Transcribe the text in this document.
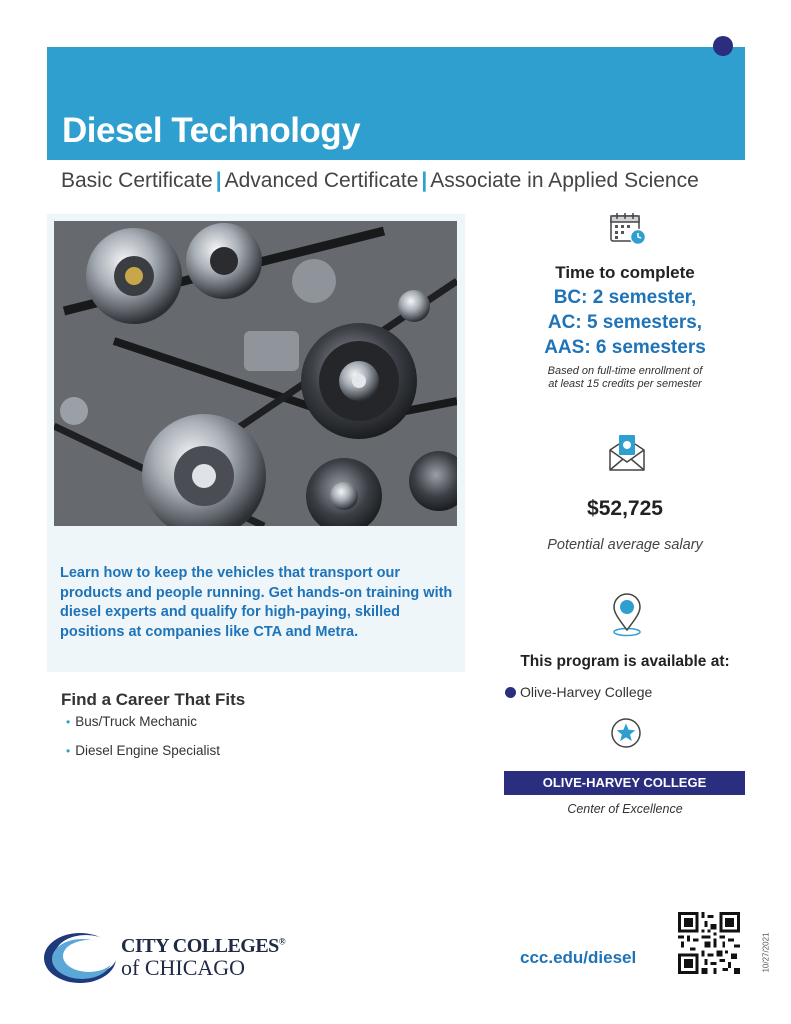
Diesel Technology
Basic Certificate | Advanced Certificate | Associate in Applied Science
Learn how to keep the vehicles that transport our products and people running. Get hands-on training with diesel experts and qualify for high-paying, skilled positions at companies like CTA and Metra.
Find a Career That Fits
• Bus/Truck Mechanic
• Diesel Engine Specialist
Time to complete
BC: 2 semester,
AC: 5 semesters,
AAS: 6 semesters
Based on full-time enrollment of
at least 15 credits per semester
$52,725
Potential average salary
This program is available at:
Olive-Harvey College
OLIVE-HARVEY COLLEGE
Center of Excellence
CITY COLLEGES®
of CHICAGO	ccc.edu/diesel	10/27/2021
